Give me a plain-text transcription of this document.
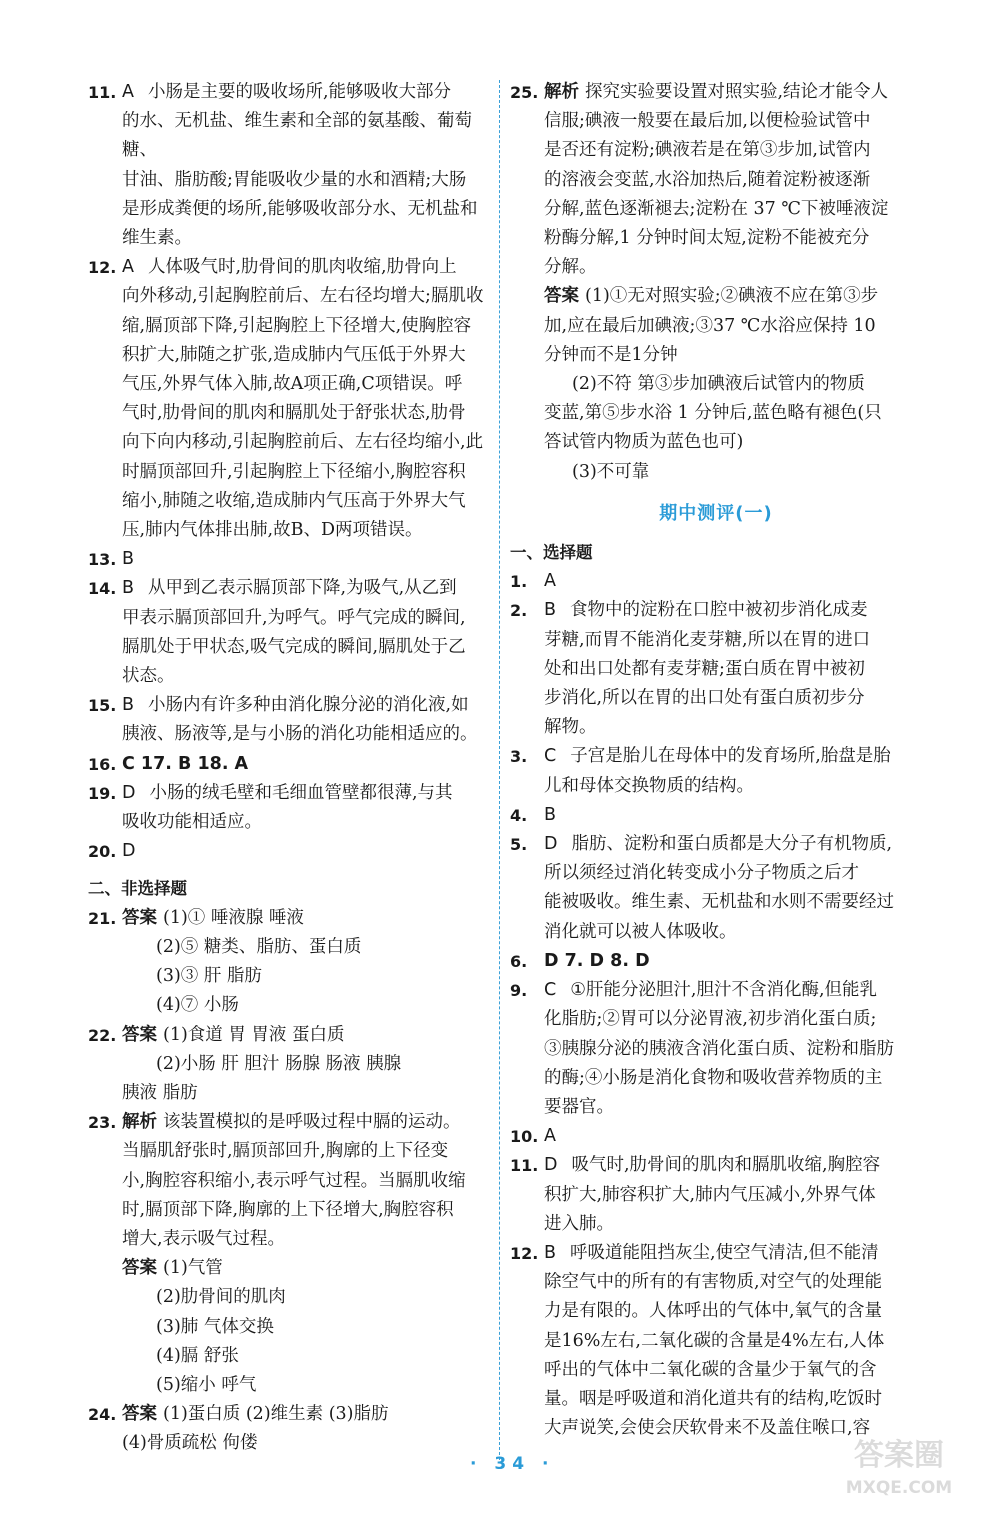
11. A 小肠是主要的吸收场所,能够吸收大部分
的水、无机盐、维生素和全部的氨基酸、葡萄糖、
甘油、脂肪酸;胃能吸收少量的水和酒精;大肠
是形成粪便的场所,能够吸收部分水、无机盐和
维生素。
12. A 人体吸气时,肋骨间的肌肉收缩,肋骨向上
向外移动,引起胸腔前后、左右径均增大;膈肌收
缩,膈顶部下降,引起胸腔上下径增大,使胸腔容
积扩大,肺随之扩张,造成肺内气压低于外界大
气压,外界气体入肺,故A项正确,C项错误。呼
气时,肋骨间的肌肉和膈肌处于舒张状态,肋骨
向下向内移动,引起胸腔前后、左右径均缩小,此
时膈顶部回升,引起胸腔上下径缩小,胸腔容积
缩小,肺随之收缩,造成肺内气压高于外界大气
压,肺内气体排出肺,故B、D两项错误。
13. B
14. B 从甲到乙表示膈顶部下降,为吸气,从乙到
甲表示膈顶部回升,为呼气。呼气完成的瞬间,
膈肌处于甲状态,吸气完成的瞬间,膈肌处于乙
状态。
15. B 小肠内有许多种由消化腺分泌的消化液,如
胰液、肠液等,是与小肠的消化功能相适应的。
16. C 17. B 18. A
19. D 小肠的绒毛壁和毛细血管壁都很薄,与其
吸收功能相适应。
20. D
二、非选择题
21. 答案 (1)① 唾液腺 唾液
(2)⑤ 糖类、脂肪、蛋白质
(3)③ 肝 脂肪
(4)⑦ 小肠
22. 答案 (1)食道 胃 胃液 蛋白质
(2)小肠 肝 胆汁 肠腺 肠液 胰腺
胰液 脂肪
23. 解析 该装置模拟的是呼吸过程中膈的运动。
当膈肌舒张时,膈顶部回升,胸廓的上下径变
小,胸腔容积缩小,表示呼气过程。当膈肌收缩
时,膈顶部下降,胸廓的上下径增大,胸腔容积
增大,表示吸气过程。
答案 (1)气管
(2)肋骨间的肌肉
(3)肺 气体交换
(4)膈 舒张
(5)缩小 呼气
24. 答案 (1)蛋白质 (2)维生素 (3)脂肪
(4)骨质疏松 佝偻
25. 解析 探究实验要设置对照实验,结论才能令人
信服;碘液一般要在最后加,以便检验试管中
是否还有淀粉;碘液若是在第③步加,试管内
的溶液会变蓝,水浴加热后,随着淀粉被逐渐
分解,蓝色逐渐褪去;淀粉在 37 ℃下被唾液淀
粉酶分解,1 分钟时间太短,淀粉不能被充分
分解。
答案 (1)①无对照实验;②碘液不应在第③步
加,应在最后加碘液;③37 ℃水浴应保持 10
分钟而不是1分钟
(2)不符 第③步加碘液后试管内的物质
变蓝,第⑤步水浴 1 分钟后,蓝色略有褪色(只
答试管内物质为蓝色也可)
(3)不可靠
期中测评(一)
一、选择题
1. A
2. B 食物中的淀粉在口腔中被初步消化成麦
芽糖,而胃不能消化麦芽糖,所以在胃的进口
处和出口处都有麦芽糖;蛋白质在胃中被初
步消化,所以在胃的出口处有蛋白质初步分
解物。
3. C 子宫是胎儿在母体中的发育场所,胎盘是胎
儿和母体交换物质的结构。
4. B
5. D 脂肪、淀粉和蛋白质都是大分子有机物质,
所以须经过消化转变成小分子物质之后才
能被吸收。维生素、无机盐和水则不需要经过
消化就可以被人体吸收。
6. D 7. D 8. D
9. C ①肝能分泌胆汁,胆汁不含消化酶,但能乳
化脂肪;②胃可以分泌胃液,初步消化蛋白质;
③胰腺分泌的胰液含消化蛋白质、淀粉和脂肪
的酶;④小肠是消化食物和吸收营养物质的主
要器官。
10. A
11. D 吸气时,肋骨间的肌肉和膈肌收缩,胸腔容
积扩大,肺容积扩大,肺内气压减小,外界气体
进入肺。
12. B 呼吸道能阻挡灰尘,使空气清洁,但不能清
除空气中的所有的有害物质,对空气的处理能
力是有限的。人体呼出的气体中,氧气的含量
是16%左右,二氧化碳的含量是4%左右,人体
呼出的气体中二氧化碳的含量少于氧气的含
量。咽是呼吸道和消化道共有的结构,吃饭时
大声说笑,会使会厌软骨来不及盖住喉口,容
· 34 ·	答案圈
MXQE.COM
